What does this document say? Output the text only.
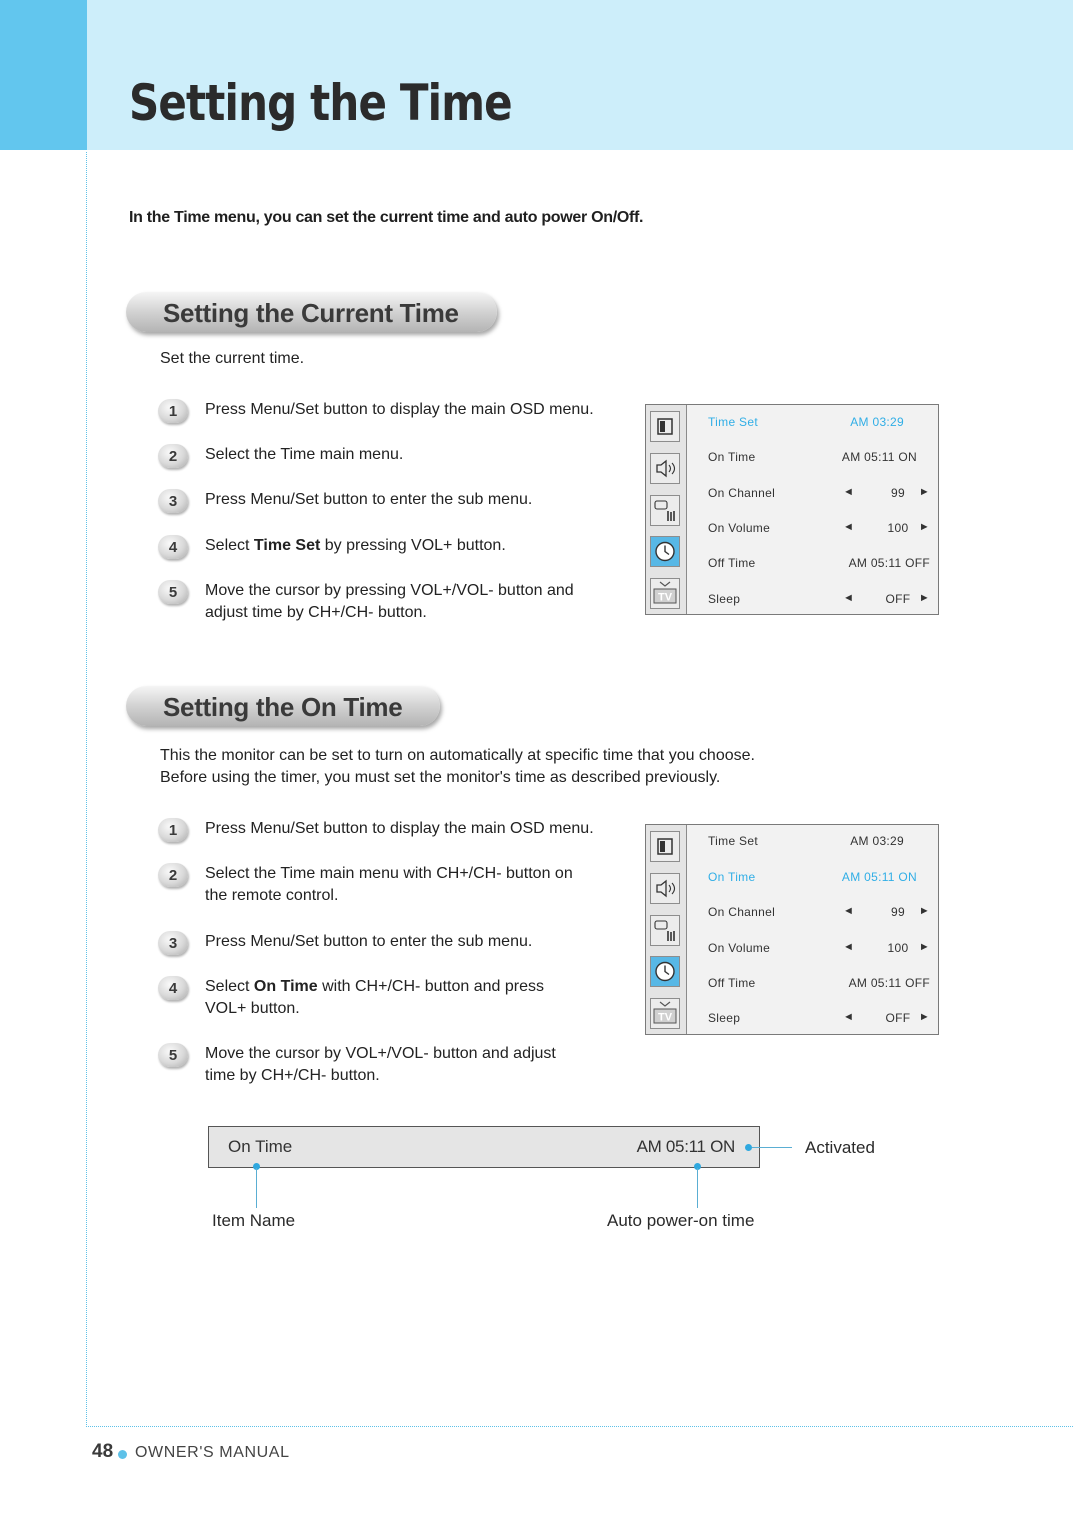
Setting the Time
In the Time menu, you can set the current time and auto power On/Off.
Setting the Current Time
Set the current time.
1	Press Menu/Set button to display the main OSD menu.
2	Select the Time main menu.
3	Press Menu/Set button to enter the sub menu.
4	Select Time Set by pressing VOL+ button.
5	Move the cursor by pressing VOL+/VOL- button and
adjust time by CH+/CH- button.
TV
Time Set	AM 03:29
On Time	AM 05:11 ON
On Channel	◄	99	►
On Volume	◄	100 ►
Off Time	AM 05:11 OFF
Sleep	◄	OFF ►
Setting the On Time
This the monitor can be set to turn on automatically at specific time that you choose.
Before using the timer, you must set the monitor's time as described previously.
1	Press Menu/Set button to display the main OSD menu.
2	Select the Time main menu with CH+/CH- button on
the remote control.
3	Press Menu/Set button to enter the sub menu.
4	Select On Time with CH+/CH- button and press
VOL+ button.
5	Move the cursor by VOL+/VOL- button and adjust
time by CH+/CH- button.
TV
Time Set	AM 03:29
On Time	AM 05:11 ON
On Channel	◄	99	►
On Volume	◄	100 ►
Off Time	AM 05:11 OFF
Sleep	◄	OFF ►
On Time	AM 05:11 ON
Item Name	Auto power-on time
Activated
48 OWNER'S MANUAL
